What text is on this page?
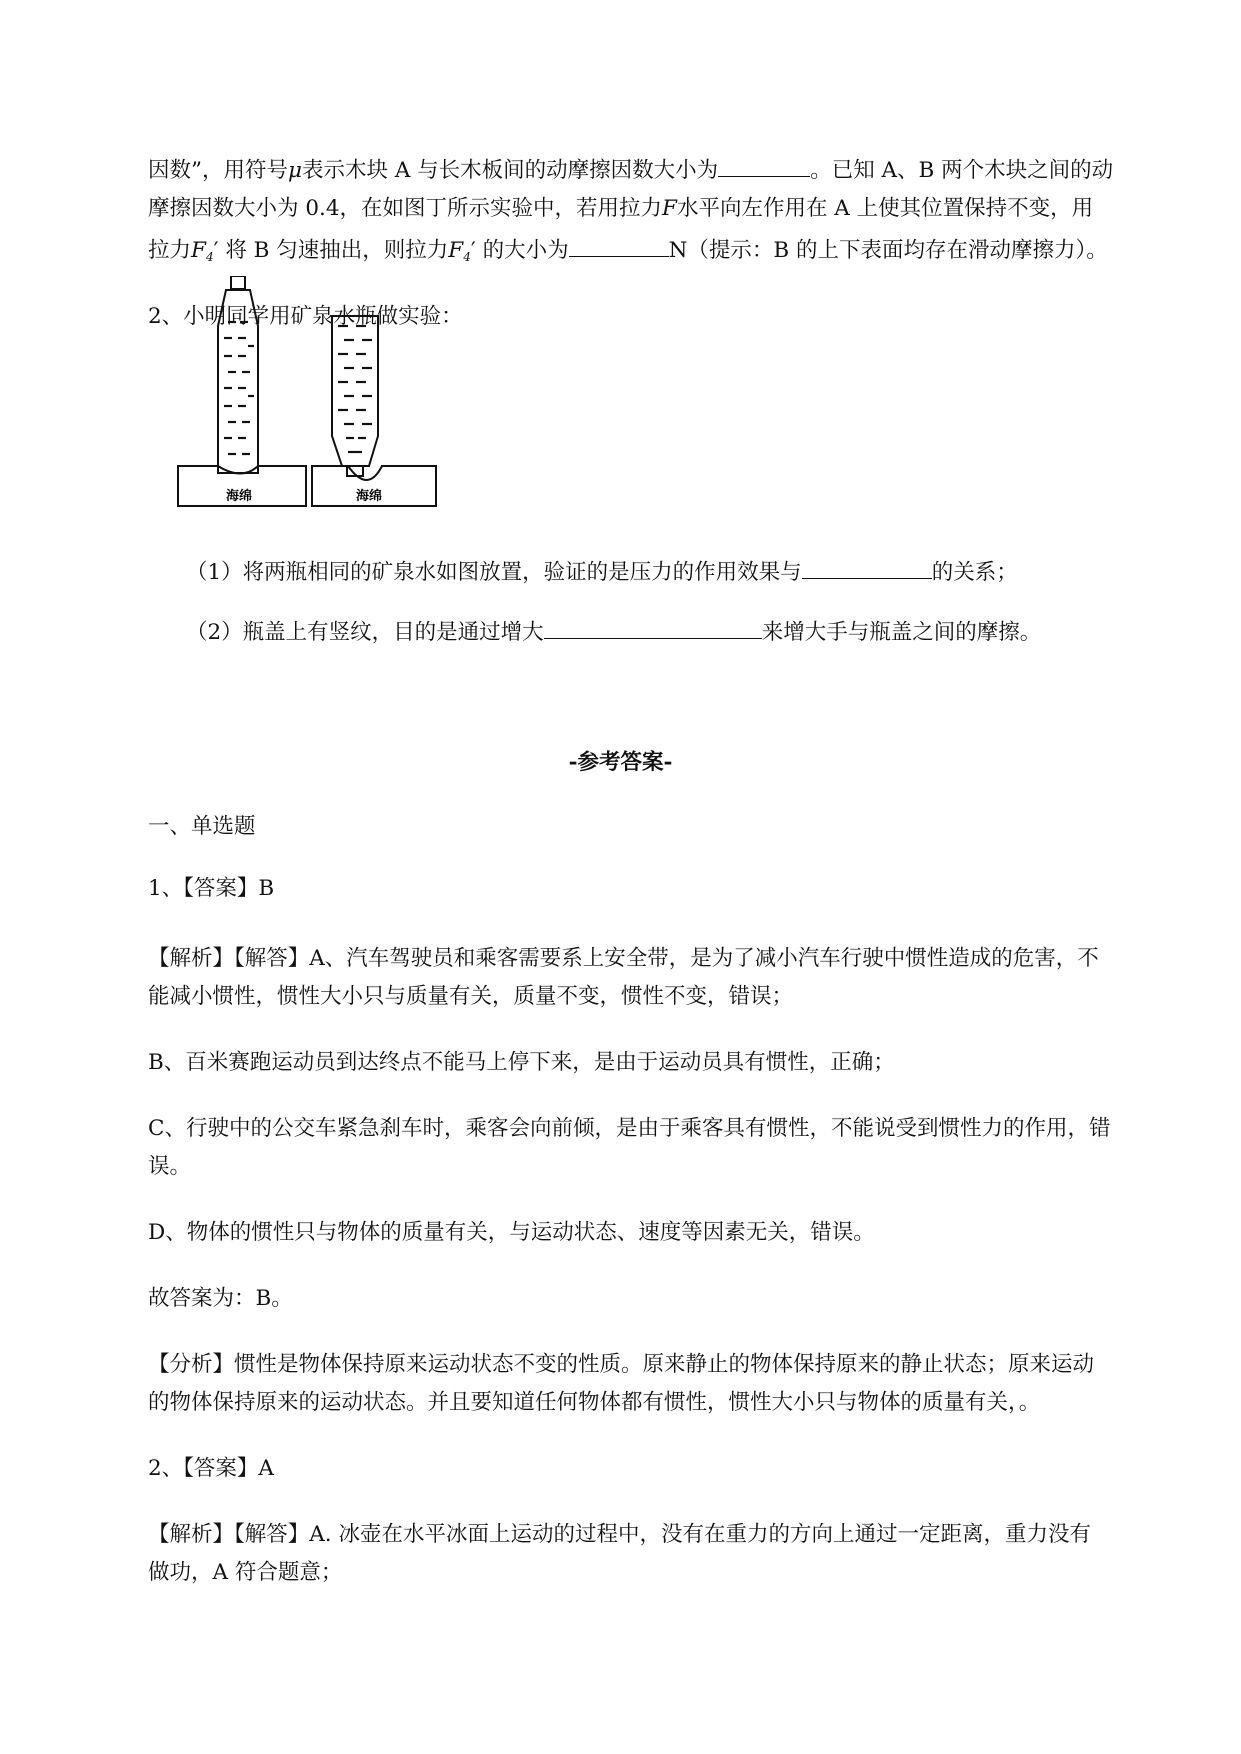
因数”，用符号μ表示木块 A 与长木板间的动摩擦因数大小为	。已知 A、B 两个木块之间的动
摩擦因数大小为 0.4，在如图丁所示实验中，若用拉力F水平向左作用在 A 上使其位置保持不变，用
拉力$F_4'$ 将 B 匀速抽出，则拉力$F_4'$ 的大小为	N（提示：B 的上下表面均存在滑动摩擦力）。
2、小明同学用矿泉水瓶做实验：
海绵	海绵
（1）将两瓶相同的矿泉水如图放置，验证的是压力的作用效果与	的关系；
（2）瓶盖上有竖纹，目的是通过增大	来增大手与瓶盖之间的摩擦。
-参考答案-
一、单选题
1、【答案】B
【解析】【解答】A、汽车驾驶员和乘客需要系上安全带，是为了减小汽车行驶中惯性造成的危害，不
能减小惯性，惯性大小只与质量有关，质量不变，惯性不变，错误；
B、百米赛跑运动员到达终点不能马上停下来，是由于运动员具有惯性，正确；
C、行驶中的公交车紧急刹车时，乘客会向前倾，是由于乘客具有惯性，不能说受到惯性力的作用，错
误。
D、物体的惯性只与物体的质量有关，与运动状态、速度等因素无关，错误。
故答案为：B。
【分析】惯性是物体保持原来运动状态不变的性质。原来静止的物体保持原来的静止状态；原来运动
的物体保持原来的运动状态。并且要知道任何物体都有惯性，惯性大小只与物体的质量有关，。
2、【答案】A
【解析】【解答】A. 冰壶在水平冰面上运动的过程中，没有在重力的方向上通过一定距离，重力没有
做功，A 符合题意；
